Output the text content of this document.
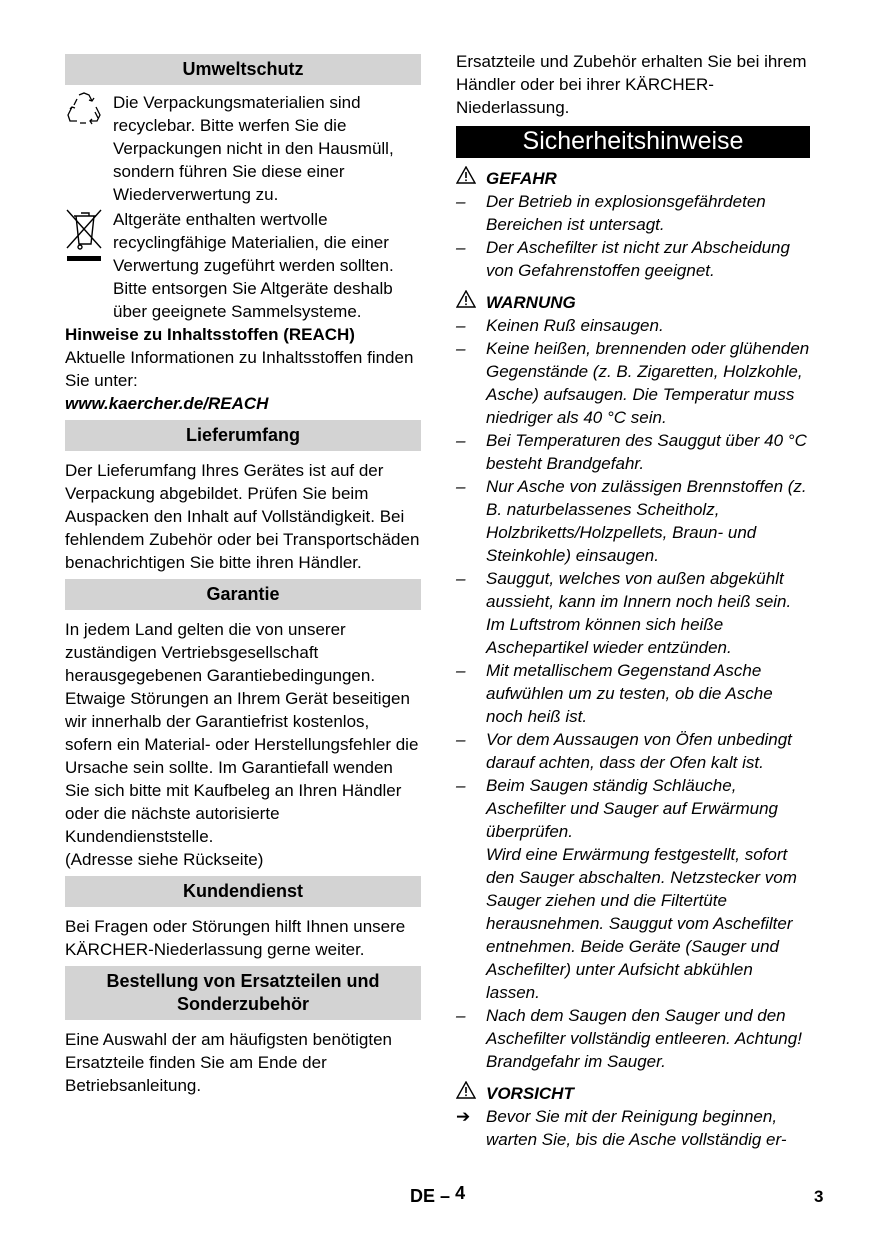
Umweltschutz

Die Verpackungsmaterialien sind recyclebar. Bitte werfen Sie die Verpackungen nicht in den Hausmüll, sondern führen Sie diese einer Wiederverwertung zu.

Altgeräte enthalten wertvolle recyclingfähige Materialien, die einer Verwertung zugeführt werden sollten. Bitte entsorgen Sie Altgeräte deshalb über geeignete Sammelsysteme.

Hinweise zu Inhaltsstoffen (REACH)

Aktuelle Informationen zu Inhaltsstoffen finden Sie unter:

www.kaercher.de/REACH

Lieferumfang

Der Lieferumfang Ihres Gerätes ist auf der Verpackung abgebildet. Prüfen Sie beim Auspacken den Inhalt auf Vollständigkeit. Bei fehlendem Zubehör oder bei Transportschäden benachrichtigen Sie bitte ihren Händler.

Garantie

In jedem Land gelten die von unserer zuständigen Vertriebsgesellschaft herausgegebenen Garantiebedingungen. Etwaige Störungen an Ihrem Gerät beseitigen wir innerhalb der Garantiefrist kostenlos, sofern ein Material- oder Herstellungsfehler die Ursache sein sollte. Im Garantiefall wenden Sie sich bitte mit Kaufbeleg an Ihren Händler oder die nächste autorisierte Kundendienststelle.

(Adresse siehe Rückseite)

Kundendienst

Bei Fragen oder Störungen hilft Ihnen unsere KÄRCHER-Niederlassung gerne weiter.

Bestellung von Ersatzteilen und
Sonderzubehör

Eine Auswahl der am häufigsten benötigten Ersatzteile finden Sie am Ende der Betriebsanleitung.

Ersatzteile und Zubehör erhalten Sie bei ihrem Händler oder bei ihrer KÄRCHER-Niederlassung.

Sicherheitshinweise
GEFAHR
–	Der Betrieb in explosionsgefährdeten Bereichen ist untersagt.
–	Der Aschefilter ist nicht zur Abscheidung von Gefahrenstoffen geeignet.
WARNUNG
–	Keinen Ruß einsaugen.
–	Keine heißen, brennenden oder glühenden Gegenstände (z. B. Zigaretten, Holzkohle, Asche) aufsaugen. Die Temperatur muss niedriger als 40 °C sein.
–	Bei Temperaturen des Sauggut über 40 °C besteht Brandgefahr.
–	Nur Asche von zulässigen Brennstoffen (z. B. naturbelassenes Scheitholz, Holzbriketts/Holzpellets, Braun- und Steinkohle) einsaugen.
–	Sauggut, welches von außen abgekühlt aussieht, kann im Innern noch heiß sein. Im Luftstrom können sich heiße Aschepartikel wieder entzünden.
–	Mit metallischem Gegenstand Asche aufwühlen um zu testen, ob die Asche noch heiß ist.
–	Vor dem Aussaugen von Öfen unbedingt darauf achten, dass der Ofen kalt ist.
–	Beim Saugen ständig Schläuche, Aschefilter und Sauger auf Erwärmung überprüfen.
Wird eine Erwärmung festgestellt, sofort den Sauger abschalten. Netzstecker vom Sauger ziehen und die Filtertüte herausnehmen. Sauggut vom Aschefilter entnehmen. Beide Geräte (Sauger und Aschefilter) unter Aufsicht abkühlen lassen.
–	Nach dem Saugen den Sauger und den Aschefilter vollständig entleeren. Achtung! Brandgefahr im Sauger.
VORSICHT
➔ Bevor Sie mit der Reinigung beginnen, warten Sie, bis die Asche vollständig er-
DE – 4	3
